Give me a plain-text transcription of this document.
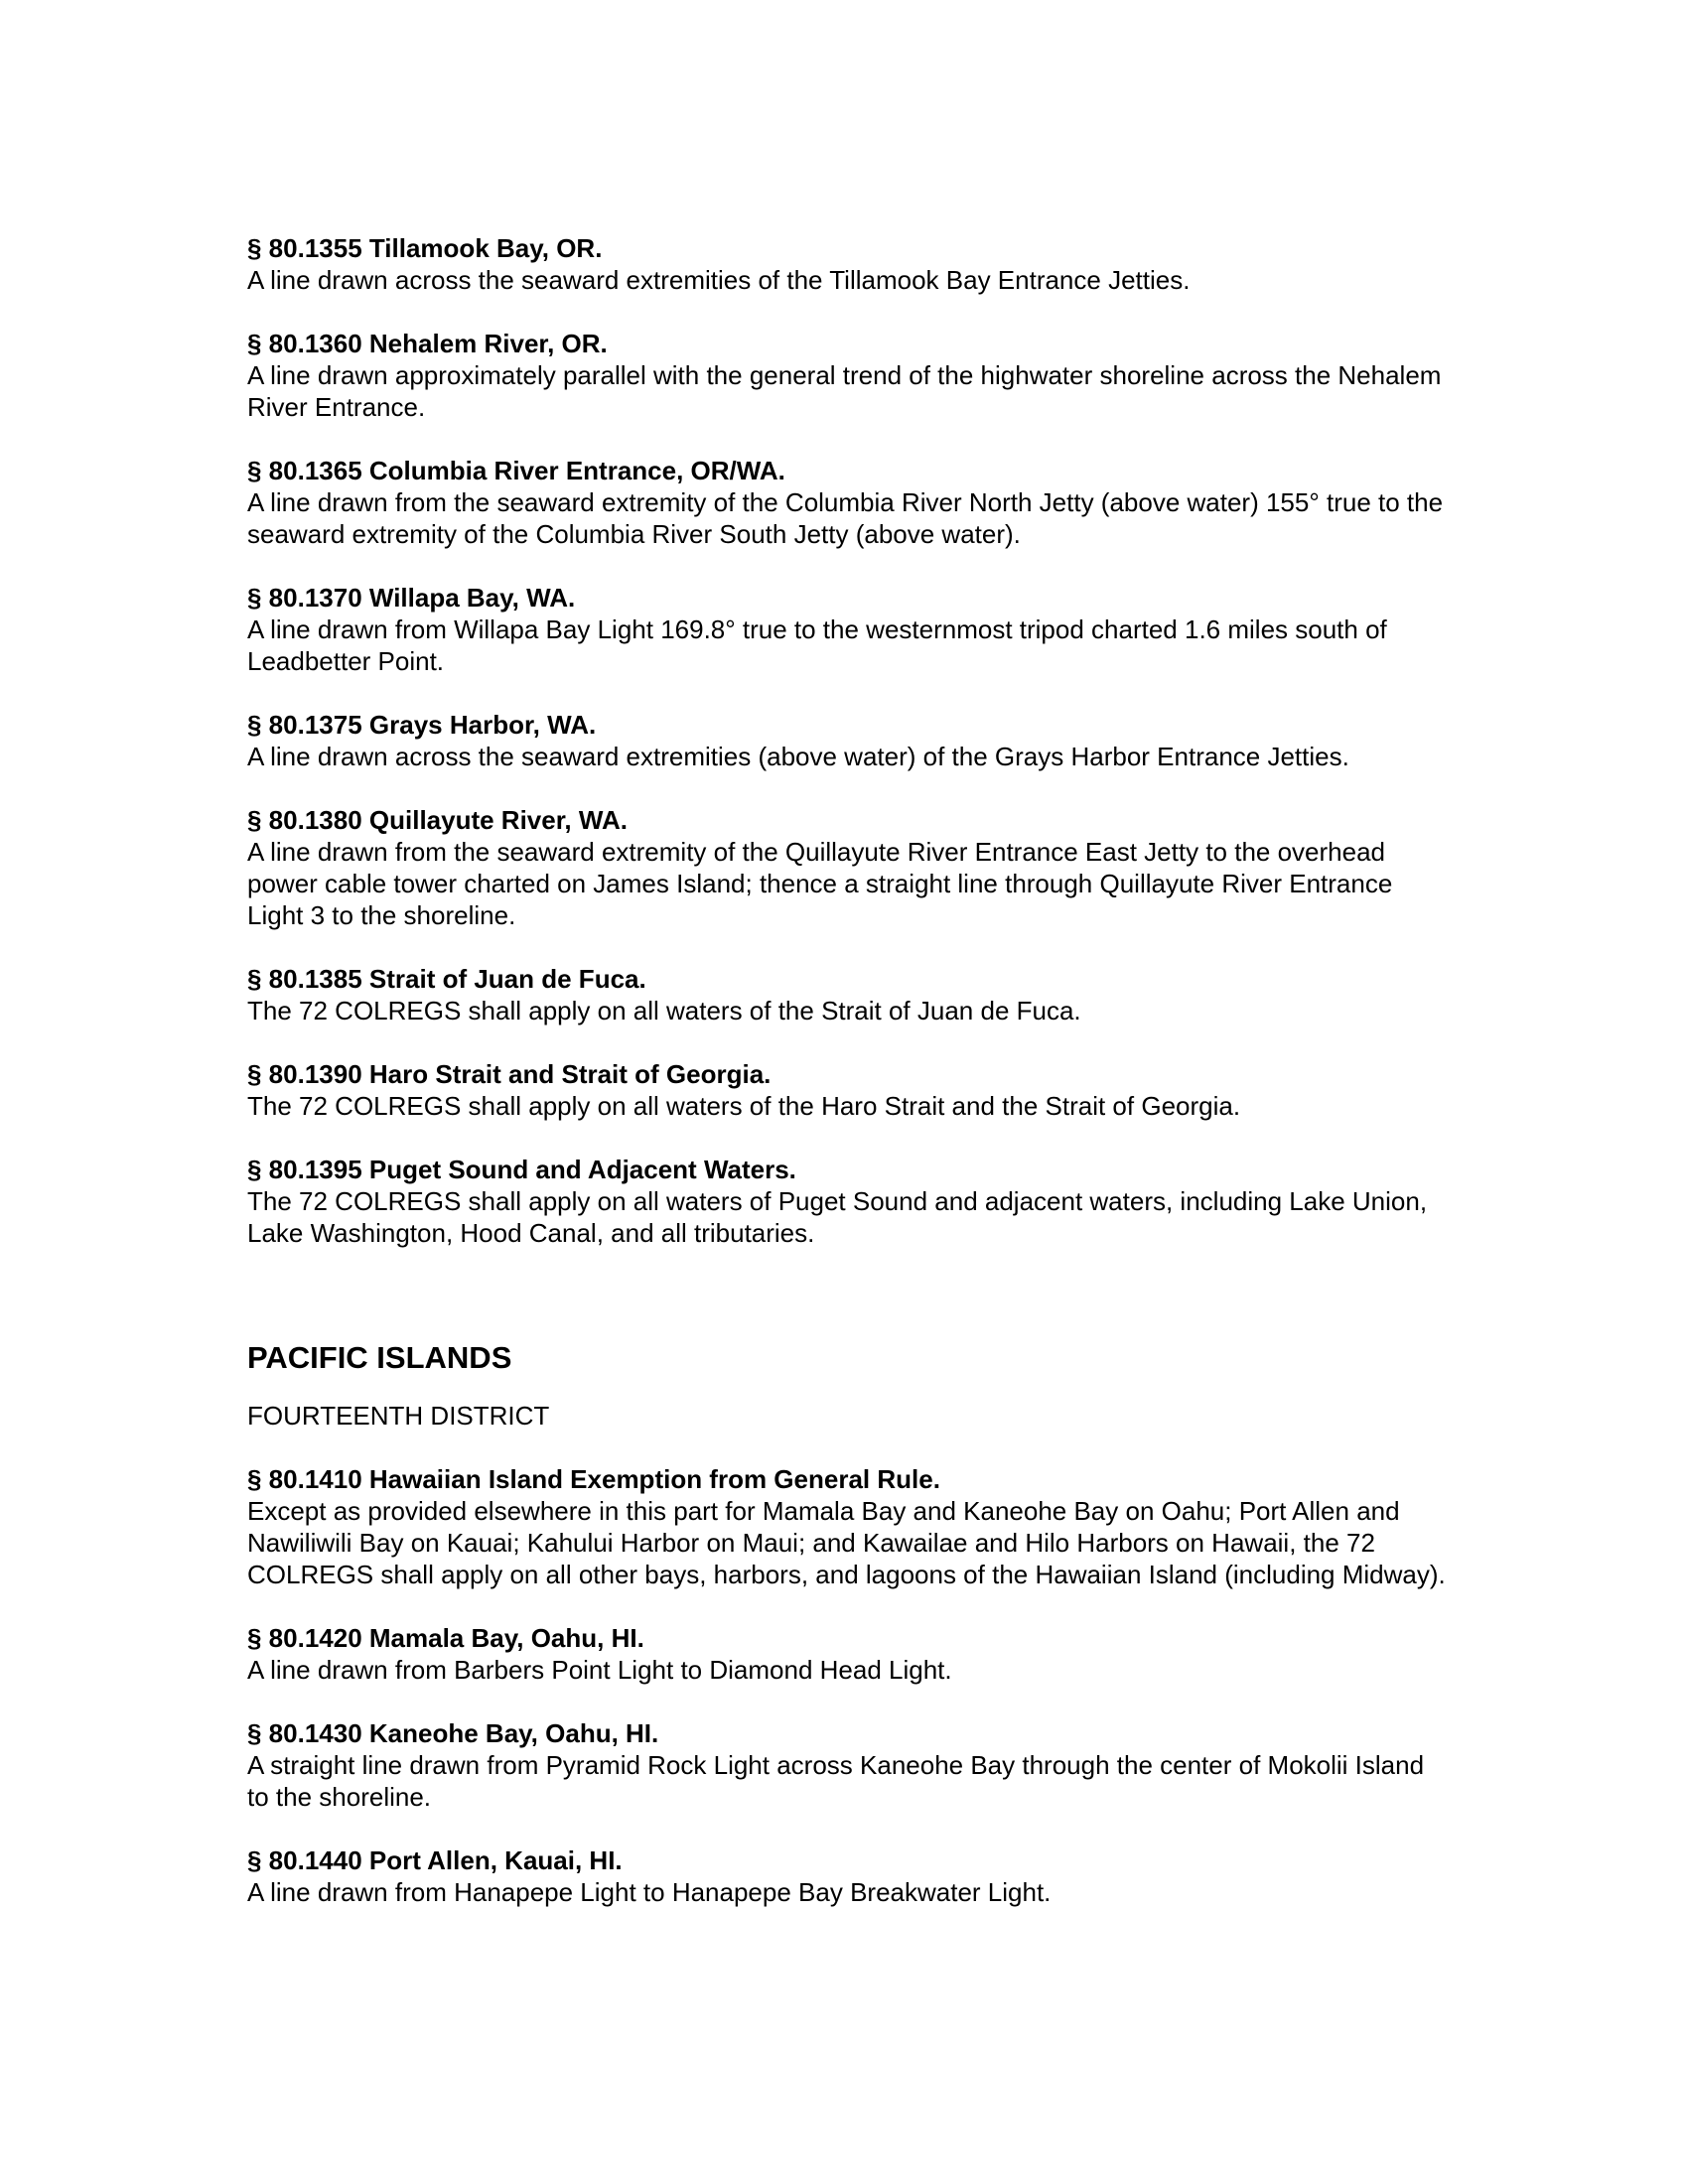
§ 80.1355 Tillamook Bay, OR.

A line drawn across the seaward extremities of the Tillamook Bay Entrance Jetties.

§ 80.1360 Nehalem River, OR.

A line drawn approximately parallel with the general trend of the highwater shoreline across the Nehalem River Entrance.

§ 80.1365 Columbia River Entrance, OR/WA.

A line drawn from the seaward extremity of the Columbia River North Jetty (above water) 155° true to the seaward extremity of the Columbia River South Jetty (above water).

§ 80.1370 Willapa Bay, WA.

A line drawn from Willapa Bay Light 169.8° true to the westernmost tripod charted 1.6 miles south of Leadbetter Point.

§ 80.1375 Grays Harbor, WA.

A line drawn across the seaward extremities (above water) of the Grays Harbor Entrance Jetties.

§ 80.1380 Quillayute River, WA.

A line drawn from the seaward extremity of the Quillayute River Entrance East Jetty to the overhead power cable tower charted on James Island; thence a straight line through Quillayute River Entrance Light 3 to the shoreline.

§ 80.1385 Strait of Juan de Fuca.

The 72 COLREGS shall apply on all waters of the Strait of Juan de Fuca.

§ 80.1390 Haro Strait and Strait of Georgia.

The 72 COLREGS shall apply on all waters of the Haro Strait and the Strait of Georgia.

§ 80.1395 Puget Sound and Adjacent Waters.

The 72 COLREGS shall apply on all waters of Puget Sound and adjacent waters, including Lake Union, Lake Washington, Hood Canal, and all tributaries.

PACIFIC ISLANDS

FOURTEENTH DISTRICT

§ 80.1410 Hawaiian Island Exemption from General Rule.

Except as provided elsewhere in this part for Mamala Bay and Kaneohe Bay on Oahu; Port Allen and Nawiliwili Bay on Kauai; Kahului Harbor on Maui; and Kawailae and Hilo Harbors on Hawaii, the 72 COLREGS shall apply on all other bays, harbors, and lagoons of the Hawaiian Island (including Midway).

§ 80.1420 Mamala Bay, Oahu, HI.

A line drawn from Barbers Point Light to Diamond Head Light.

§ 80.1430 Kaneohe Bay, Oahu, HI.

A straight line drawn from Pyramid Rock Light across Kaneohe Bay through the center of Mokolii Island to the shoreline.

§ 80.1440 Port Allen, Kauai, HI.

A line drawn from Hanapepe Light to Hanapepe Bay Breakwater Light.
